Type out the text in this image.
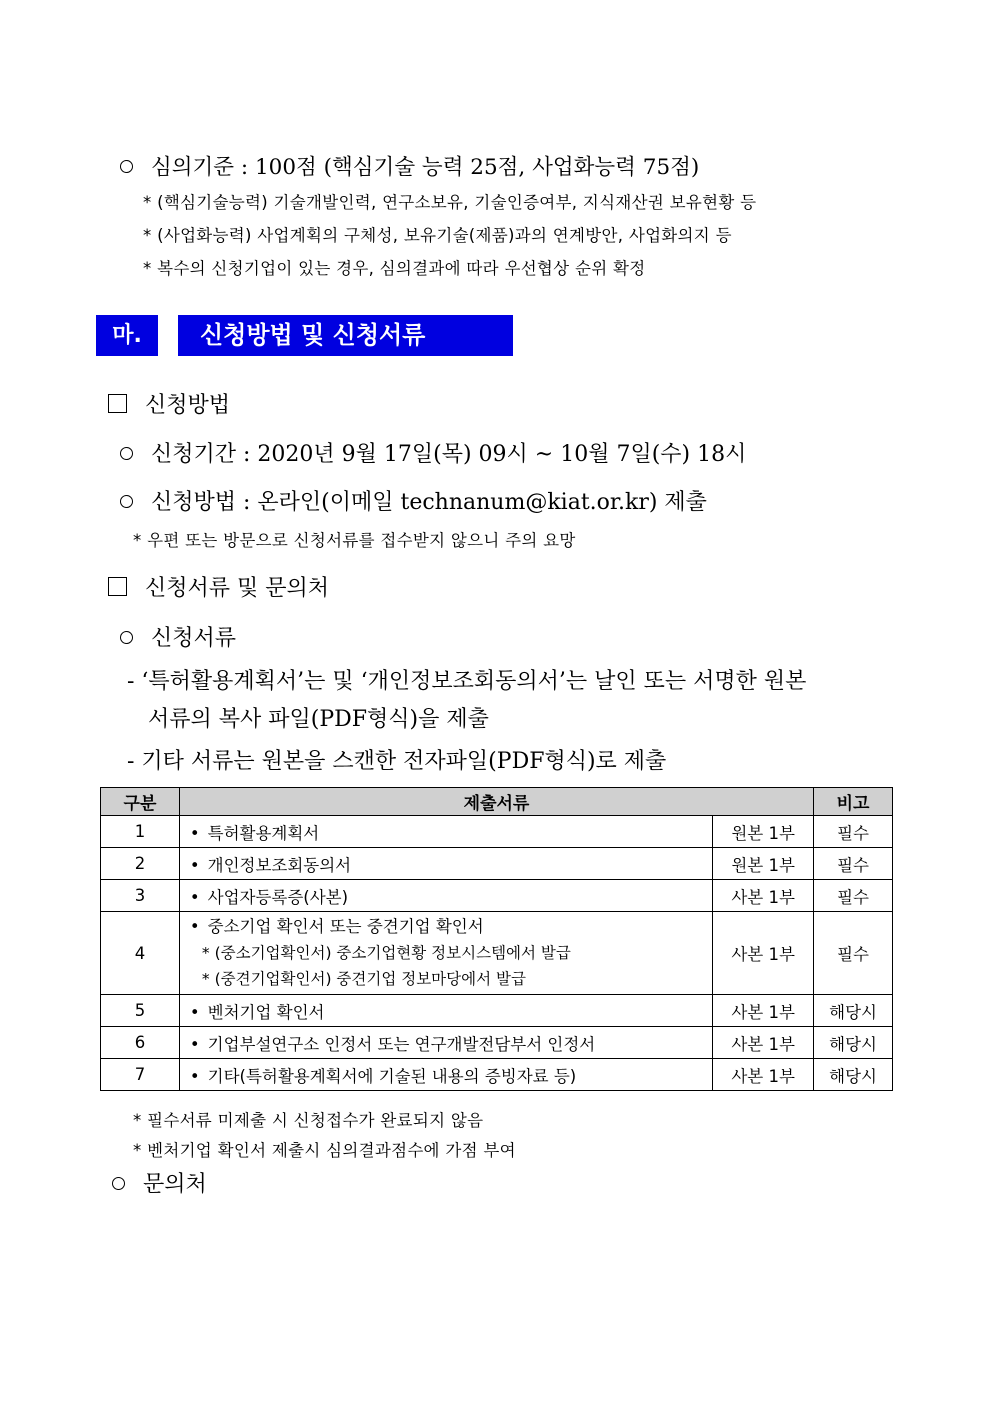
심의기준 : 100점 (핵심기술 능력 25점, 사업화능력 75점)
* (핵심기술능력) 기술개발인력, 연구소보유, 기술인증여부, 지식재산권 보유현황 등
* (사업화능력) 사업계획의 구체성, 보유기술(제품)과의 연계방안, 사업화의지 등
* 복수의 신청기업이 있는 경우, 심의결과에 따라 우선협상 순위 확정
마.	신청방법 및 신청서류
신청방법
신청기간 : 2020년 9월 17일(목) 09시 ~ 10월 7일(수) 18시
신청방법 : 온라인(이메일 technanum@kiat.or.kr) 제출
* 우편 또는 방문으로 신청서류를 접수받지 않으니 주의 요망
신청서류 및 문의처
신청서류
- ‘특허활용계획서’는 및 ‘개인정보조회동의서’는 날인 또는 서명한 원본
서류의 복사 파일(PDF형식)을 제출
- 기타 서류는 원본을 스캔한 전자파일(PDF형식)로 제출
구분	제출서류		비고
1	• 특허활용계획서	원본 1부	필수
2	• 개인정보조회동의서	원본 1부	필수
3	• 사업자등록증(사본)	사본 1부	필수
4	• 중소기업 확인서 또는 중견기업 확인서
* (중소기업확인서) 중소기업현황 정보시스템에서 발급
* (중견기업확인서) 중견기업 정보마당에서 발급	사본 1부	필수
5	• 벤처기업 확인서	사본 1부	해당시
6	• 기업부설연구소 인정서 또는 연구개발전담부서 인정서	사본 1부	해당시
7	• 기타(특허활용계획서에 기술된 내용의 증빙자료 등)	사본 1부	해당시
* 필수서류 미제출 시 신청접수가 완료되지 않음
* 벤처기업 확인서 제출시 심의결과점수에 가점 부여
문의처
